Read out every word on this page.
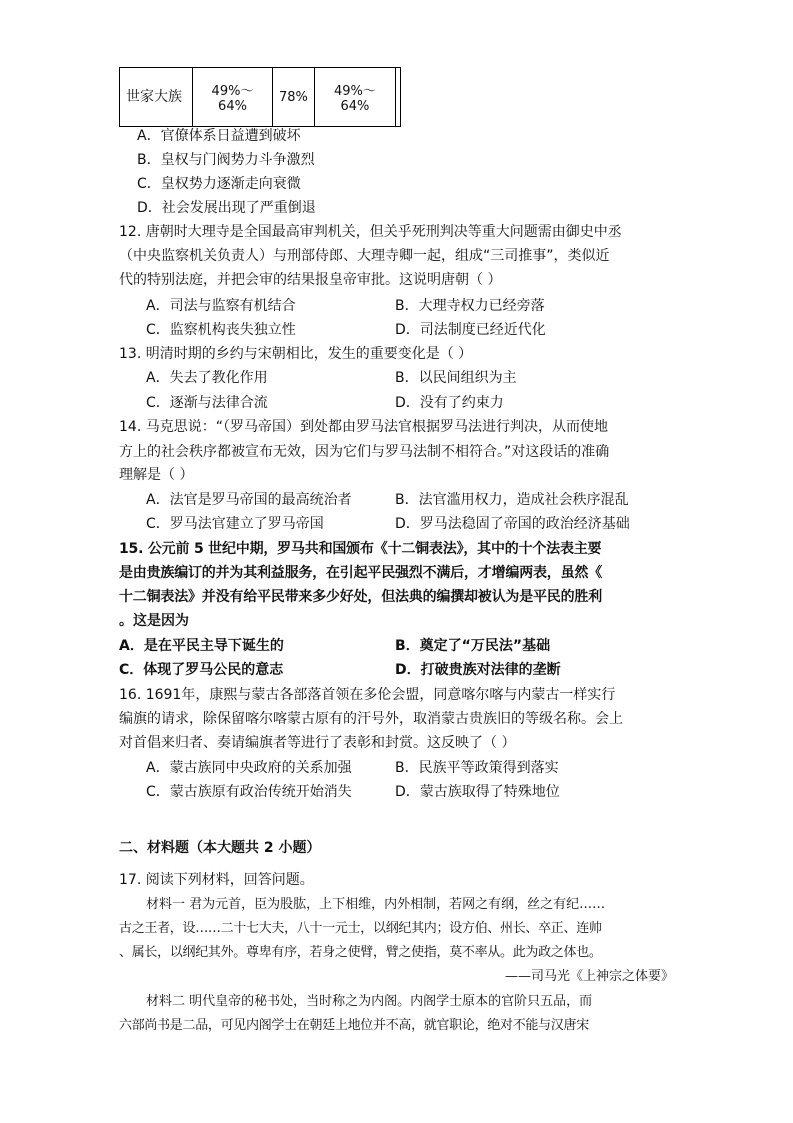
世家大族	49%～64%	78%	49%～64%	
A．官僚体系日益遭到破坏
B．皇权与门阀势力斗争激烈
C．皇权势力逐渐走向衰微
D．社会发展出现了严重倒退
12. 唐朝时大理寺是全国最高审判机关，但关乎死刑判决等重大问题需由御史中丞
（中央监察机关负责人）与刑部侍郎、大理寺卿一起，组成“三司推事”，类似近
代的特别法庭，并把会审的结果报皇帝审批。这说明唐朝（ ）
A．司法与监察有机结合	B．大理寺权力已经旁落
C．监察机构丧失独立性	D．司法制度已经近代化
13. 明清时期的乡约与宋朝相比，发生的重要变化是（ ）
A．失去了教化作用	B．以民间组织为主
C．逐渐与法律合流	D．没有了约束力
14. 马克思说：“（罗马帝国）到处都由罗马法官根据罗马法进行判决，从而使地
方上的社会秩序都被宣布无效，因为它们与罗马法制不相符合。”对这段话的准确
理解是（ ）
A．法官是罗马帝国的最高统治者	B．法官滥用权力，造成社会秩序混乱
C．罗马法官建立了罗马帝国	D．罗马法稳固了帝国的政治经济基础
15. 公元前 5 世纪中期，罗马共和国颁布《十二铜表法》，其中的十个法表主要
是由贵族编订的并为其利益服务，在引起平民强烈不满后，才增编两表，虽然《
十二铜表法》并没有给平民带来多少好处，但法典的编撰却被认为是平民的胜利
。这是因为
A．是在平民主导下诞生的	B．奠定了“万民法”基础
C．体现了罗马公民的意志	D．打破贵族对法律的垄断
16. 1691年，康熙与蒙古各部落首领在多伦会盟，同意喀尔喀与内蒙古一样实行
编旗的请求，除保留喀尔喀蒙古原有的汗号外，取消蒙古贵族旧的等级名称。会上
对首倡来归者、奏请编旗者等进行了表彰和封赏。这反映了（ ）
A．蒙古族同中央政府的关系加强	B．民族平等政策得到落实
C．蒙古族原有政治传统开始消失	D．蒙古族取得了特殊地位
二、材料题（本大题共 2 小题）
17. 阅读下列材料，回答问题。
材料一 君为元首，臣为股肱，上下相维，内外相制，若网之有纲，丝之有纪……
古之王者，设……二十七大夫，八十一元士，以纲纪其内；设方伯、州长、卒正、连帅
、属长，以纲纪其外。尊卑有序，若身之使臂，臂之使指，莫不率从。此为政之体也。
——司马光《上神宗之体要》
材料二 明代皇帝的秘书处，当时称之为内阁。内阁学士原本的官阶只五品，而
六部尚书是二品，可见内阁学士在朝廷上地位并不高，就官职论，绝对不能与汉唐宋
